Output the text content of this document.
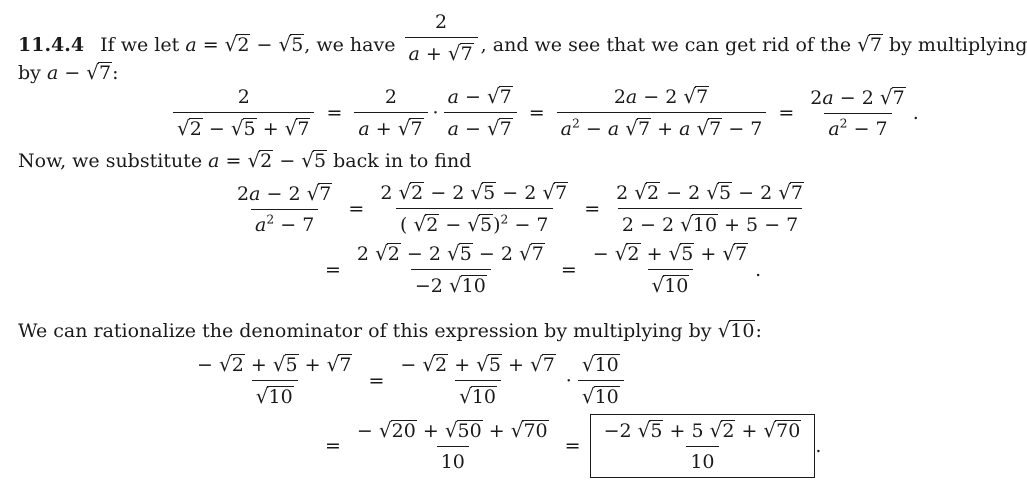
11.4.4 If we let a = √2 − √5, we have $\frac{2}{a + √7}$ , and we see that we can get rid of the √7 by multiplying
by a − √7:
$\frac{2}{√2 - √5 + √7} = \frac{2}{a + √7} \cdot \frac{a - √7}{a - √7} = \frac{2a - 2 √7}{a^2 - a √7 + a √7 - 7} = \frac{2a - 2 √7}{a^2 - 7}$ .
Now, we substitute a = √2 − √5 back in to find
$\frac{2a - 2 √7}{a^2 - 7} = \frac{2 √2 - 2 √5 - 2 √7}{( √2 - √5)^2 - 7} = \frac{2 √2 - 2 √5 - 2 √7}{2 - 2 √10 + 5 - 7}$
= $\frac{2 √2 - 2 √5 - 2 √7}{-2 √10} = \frac{- √2 + √5 + √7}{√10}$ .
We can rationalize the denominator of this expression by multiplying by √10:
$\frac{- √2 + √5 + √7}{√10} = \frac{- √2 + √5 + √7}{√10} \cdot \frac{√10}{√10}$
= $\frac{- √20 + √50 + √70}{10} = \frac{-2 √5 + 5 √2 + √70}{10}$ .
